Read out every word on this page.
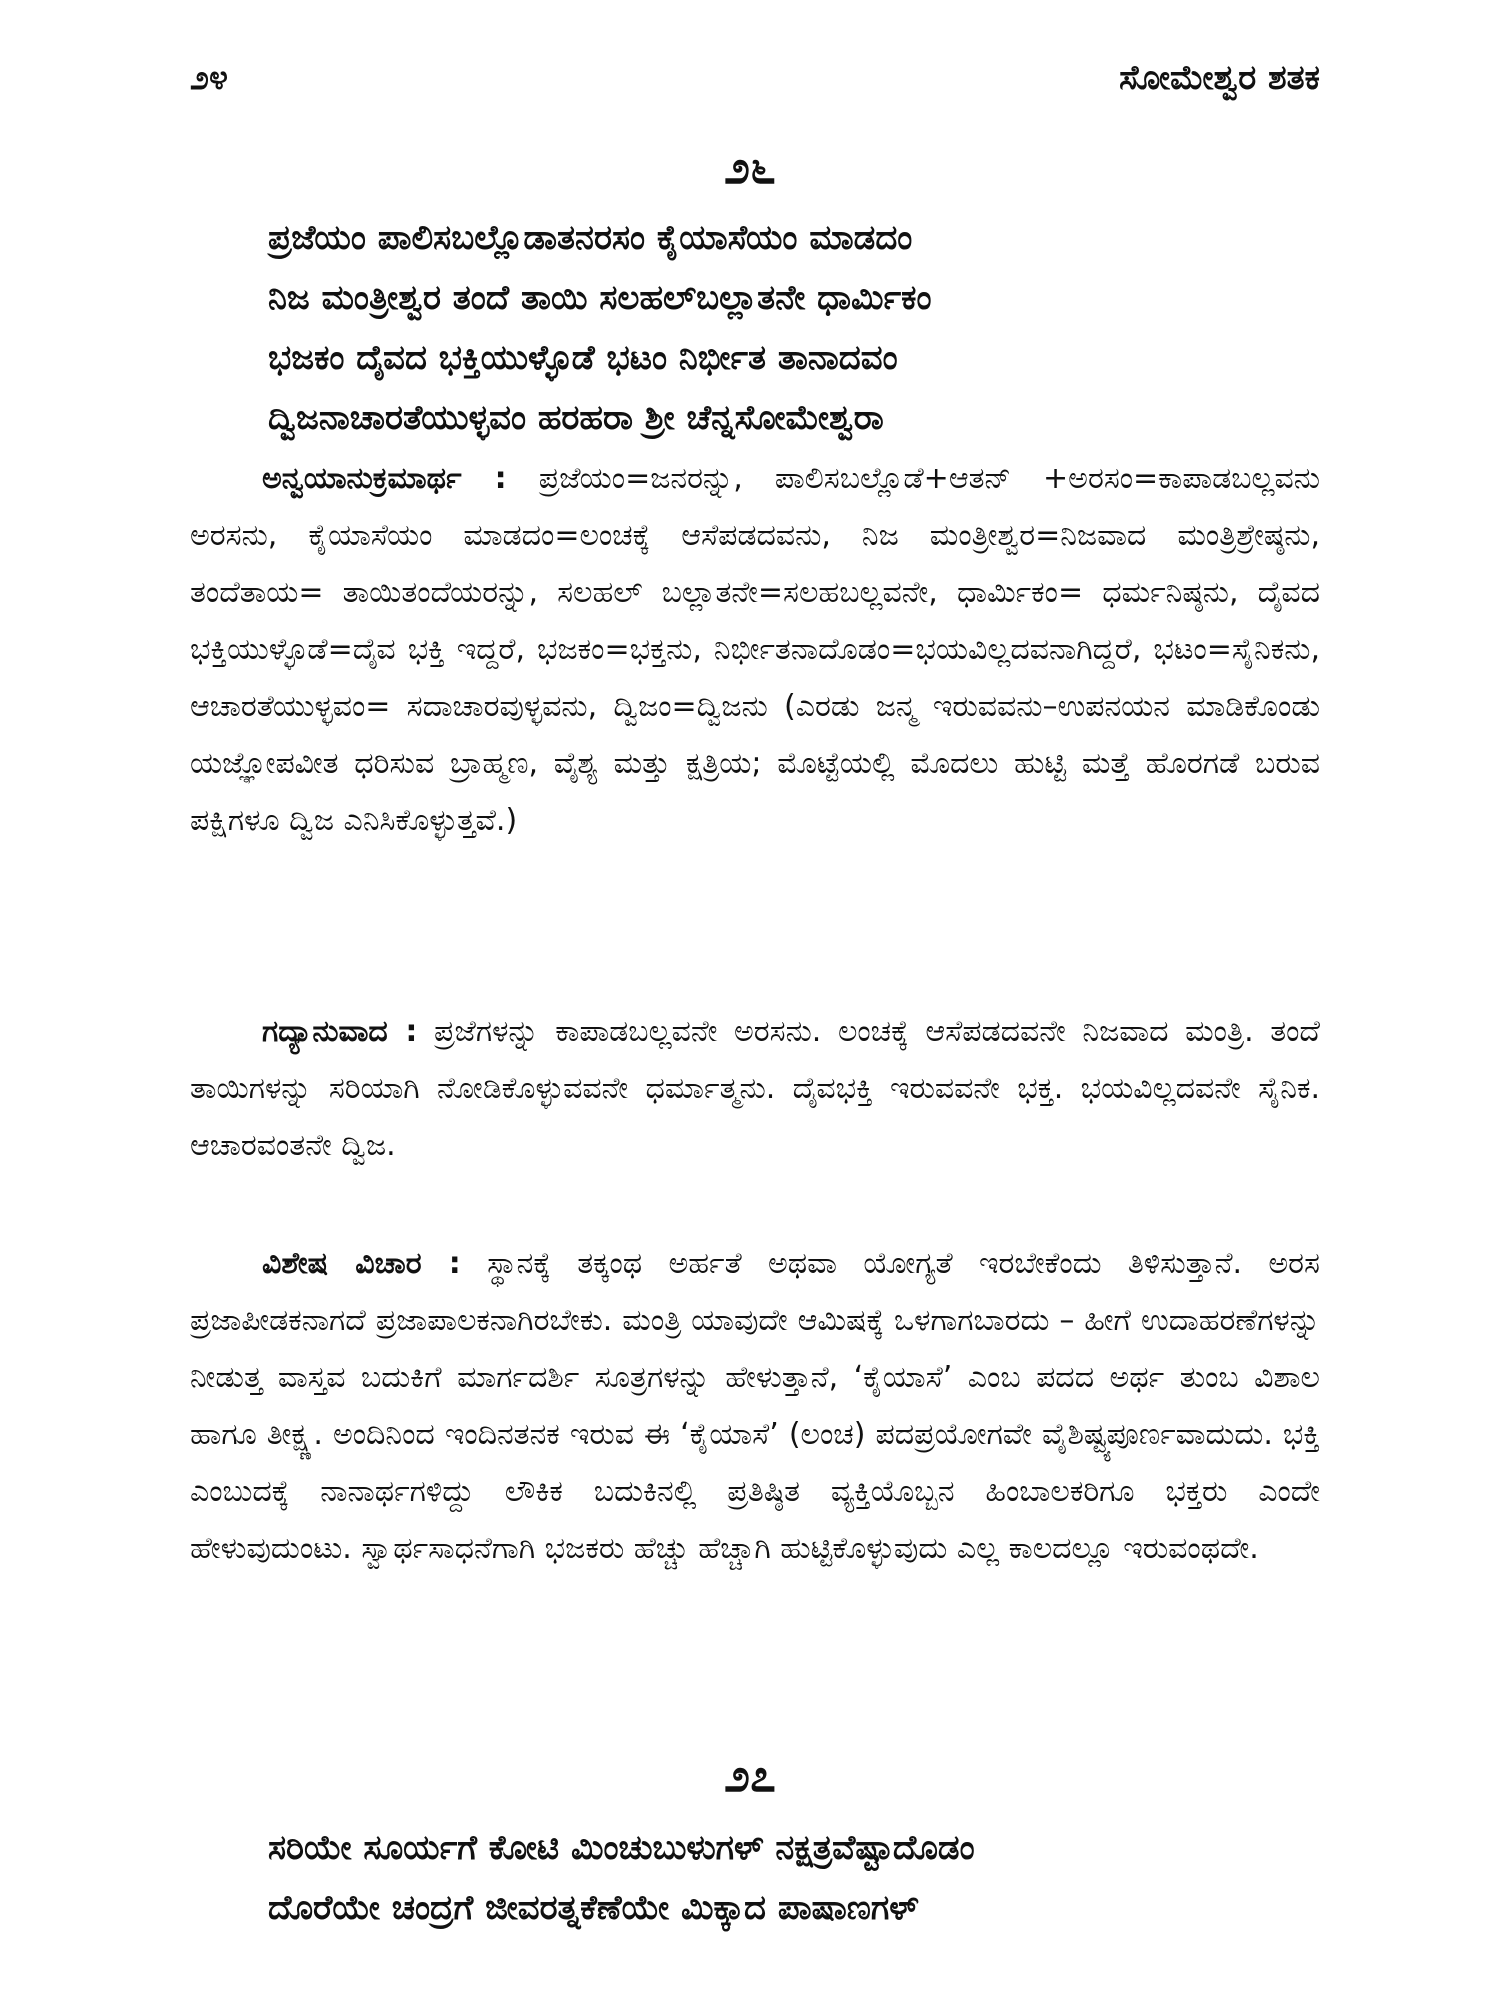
೨೪	ಸೋಮೇಶ್ವರ ಶತಕ
೨೬
ಪ್ರಜೆಯಂ ಪಾಲಿಸಬಲ್ಲೊಡಾತನರಸಂ ಕೈಯಾಸೆಯಂ ಮಾಡದಂ
ನಿಜ ಮಂತ್ರೀಶ್ವರ ತಂದೆ ತಾಯಿ ಸಲಹಲ್‌ಬಲ್ಲಾತನೇ ಧಾರ್ಮಿಕಂ
ಭಜಕಂ ದೈವದ ಭಕ್ತಿಯುಳ್ಳೊಡೆ ಭಟಂ ನಿರ್ಭೀತ ತಾನಾದವಂ
ದ್ವಿಜನಾಚಾರತೆಯುಳ್ಳವಂ ಹರಹರಾ ಶ್ರೀ ಚೆನ್ನಸೋಮೇಶ್ವರಾ
ಅನ್ವಯಾನುಕ್ರಮಾರ್ಥ : ಪ್ರಜೆಯಂ=ಜನರನ್ನು, ಪಾಲಿಸಬಲ್ಲೊಡೆ+ಆತನ್ +ಅರಸಂ=ಕಾಪಾಡಬಲ್ಲವನು ಅರಸನು, ಕೈಯಾಸೆಯಂ ಮಾಡದಂ=ಲಂಚಕ್ಕೆ ಆಸೆಪಡದವನು, ನಿಜ ಮಂತ್ರೀಶ್ವರ=ನಿಜವಾದ ಮಂತ್ರಿಶ್ರೇಷ್ಠನು, ತಂದೆತಾಯ= ತಾಯಿತಂದೆಯರನ್ನು, ಸಲಹಲ್ ಬಲ್ಲಾತನೇ=ಸಲಹಬಲ್ಲವನೇ, ಧಾರ್ಮಿಕಂ= ಧರ್ಮನಿಷ್ಠನು, ದೈವದ ಭಕ್ತಿಯುಳ್ಳೊಡೆ=ದೈವ ಭಕ್ತಿ ಇದ್ದರೆ, ಭಜಕಂ=ಭಕ್ತನು, ನಿರ್ಭೀತನಾದೊಡಂ=ಭಯವಿಲ್ಲದವನಾಗಿದ್ದರೆ, ಭಟಂ=ಸೈನಿಕನು, ಆಚಾರತೆಯುಳ್ಳವಂ= ಸದಾಚಾರವುಳ್ಳವನು, ದ್ವಿಜಂ=ದ್ವಿಜನು (ಎರಡು ಜನ್ಮ ಇರುವವನು–ಉಪನಯನ ಮಾಡಿಕೊಂಡು ಯಜ್ಞೋಪವೀತ ಧರಿಸುವ ಬ್ರಾಹ್ಮಣ, ವೈಶ್ಯ ಮತ್ತು ಕ್ಷತ್ರಿಯ; ಮೊಟ್ಟೆಯಲ್ಲಿ ಮೊದಲು ಹುಟ್ಟಿ ಮತ್ತೆ ಹೊರಗಡೆ ಬರುವ ಪಕ್ಷಿಗಳೂ ದ್ವಿಜ ಎನಿಸಿಕೊಳ್ಳುತ್ತವೆ.)
ಗದ್ಯಾನುವಾದ : ಪ್ರಜೆಗಳನ್ನು ಕಾಪಾಡಬಲ್ಲವನೇ ಅರಸನು. ಲಂಚಕ್ಕೆ ಆಸೆಪಡದವನೇ ನಿಜವಾದ ಮಂತ್ರಿ. ತಂದೆ ತಾಯಿಗಳನ್ನು ಸರಿಯಾಗಿ ನೋಡಿಕೊಳ್ಳುವವನೇ ಧರ್ಮಾತ್ಮನು. ದೈವಭಕ್ತಿ ಇರುವವನೇ ಭಕ್ತ. ಭಯವಿಲ್ಲದವನೇ ಸೈನಿಕ. ಆಚಾರವಂತನೇ ದ್ವಿಜ.
ವಿಶೇಷ ವಿಚಾರ : ಸ್ಥಾನಕ್ಕೆ ತಕ್ಕಂಥ ಅರ್ಹತೆ ಅಥವಾ ಯೋಗ್ಯತೆ ಇರಬೇಕೆಂದು ತಿಳಿಸುತ್ತಾನೆ. ಅರಸ ಪ್ರಜಾಪೀಡಕನಾಗದೆ ಪ್ರಜಾಪಾಲಕನಾಗಿರಬೇಕು. ಮಂತ್ರಿ ಯಾವುದೇ ಆಮಿಷಕ್ಕೆ ಒಳಗಾಗಬಾರದು – ಹೀಗೆ ಉದಾಹರಣೆಗಳನ್ನು ನೀಡುತ್ತ ವಾಸ್ತವ ಬದುಕಿಗೆ ಮಾರ್ಗದರ್ಶಿ ಸೂತ್ರಗಳನ್ನು ಹೇಳುತ್ತಾನೆ, ‘ಕೈಯಾಸೆ’ ಎಂಬ ಪದದ ಅರ್ಥ ತುಂಬ ವಿಶಾಲ ಹಾಗೂ ತೀಕ್ಷ್ಣ. ಅಂದಿನಿಂದ ಇಂದಿನತನಕ ಇರುವ ಈ ‘ಕೈಯಾಸೆ’ (ಲಂಚ) ಪದಪ್ರಯೋಗವೇ ವೈಶಿಷ್ಟ್ಯಪೂರ್ಣವಾದುದು. ಭಕ್ತಿ ಎಂಬುದಕ್ಕೆ ನಾನಾರ್ಥಗಳಿದ್ದು ಲೌಕಿಕ ಬದುಕಿನಲ್ಲಿ ಪ್ರತಿಷ್ಠಿತ ವ್ಯಕ್ತಿಯೊಬ್ಬನ ಹಿಂಬಾಲಕರಿಗೂ ಭಕ್ತರು ಎಂದೇ ಹೇಳುವುದುಂಟು. ಸ್ವಾರ್ಥಸಾಧನೆಗಾಗಿ ಭಜಕರು ಹೆಚ್ಚು ಹೆಚ್ಚಾಗಿ ಹುಟ್ಟಿಕೊಳ್ಳುವುದು ಎಲ್ಲ ಕಾಲದಲ್ಲೂ ಇರುವಂಥದೇ.
೨೭
ಸರಿಯೇ ಸೂರ್ಯಗೆ ಕೋಟಿ ಮಿಂಚುಬುಳುಗಳ್ ನಕ್ಷತ್ರವೆಷ್ಟಾದೊಡಂ
ದೊರೆಯೇ ಚಂದ್ರಗೆ ಜೀವರತ್ನಕೆಣೆಯೇ ಮಿಕ್ಕಾದ ಪಾಷಾಣಗಳ್
